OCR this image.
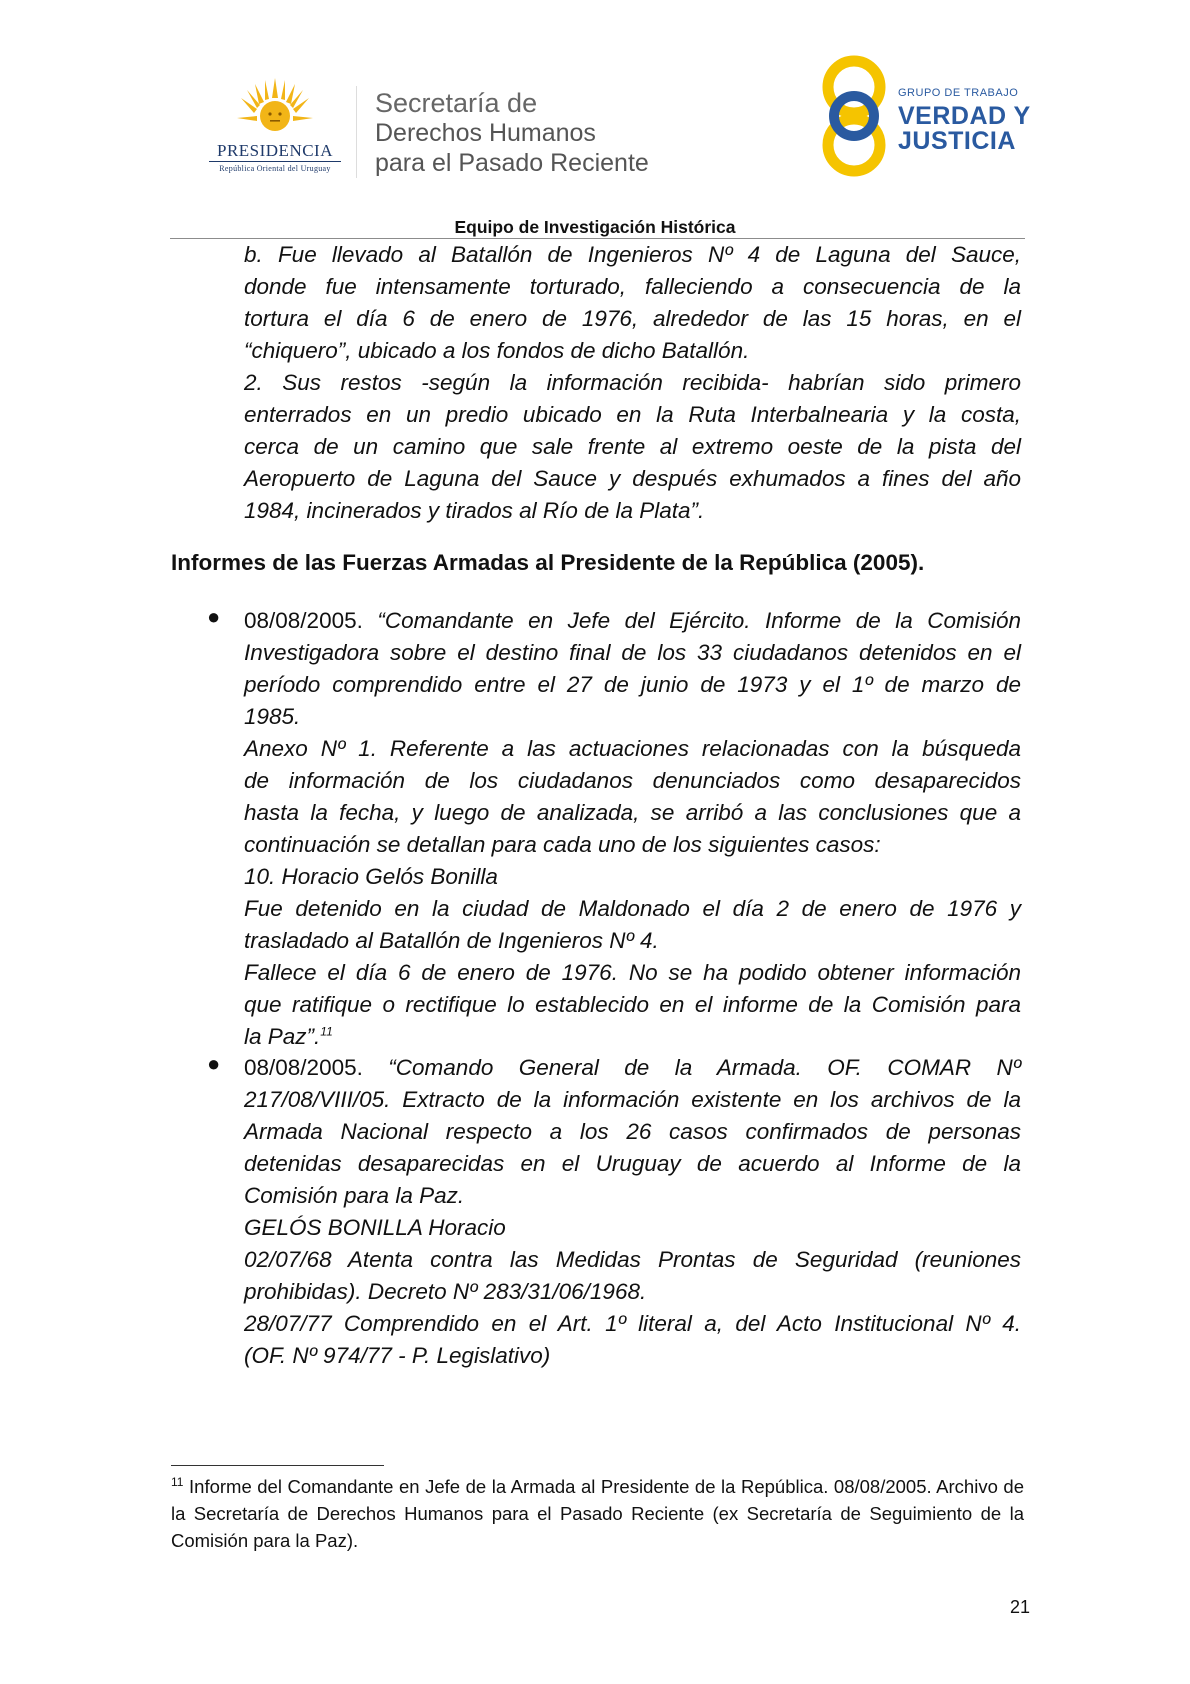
PRESIDENCIA
República Oriental del Uruguay
Secretaría de
Derechos Humanos
para el Pasado Reciente
GRUPO DE TRABAJO
VERDAD Y
JUSTICIA
Equipo de Investigación Histórica
b. Fue llevado al Batallón de Ingenieros Nº 4 de Laguna del Sauce,
donde fue intensamente torturado, falleciendo a consecuencia de la
tortura el día 6 de enero de 1976, alrededor de las 15 horas, en el
“chiquero”, ubicado a los fondos de dicho Batallón.
2. Sus restos -según la información recibida- habrían sido primero
enterrados en un predio ubicado en la Ruta Interbalnearia y la costa,
cerca de un camino que sale frente al extremo oeste de la pista del
Aeropuerto de Laguna del Sauce y después exhumados a fines del año
1984, incinerados y tirados al Río de la Plata”.
Informes de las Fuerzas Armadas al Presidente de la República (2005).
● 08/08/2005. “Comandante en Jefe del Ejército. Informe de la Comisión
Investigadora sobre el destino final de los 33 ciudadanos detenidos en el
período comprendido entre el 27 de junio de 1973 y el 1º de marzo de
1985.
Anexo Nº 1. Referente a las actuaciones relacionadas con la búsqueda
de información de los ciudadanos denunciados como desaparecidos
hasta la fecha, y luego de analizada, se arribó a las conclusiones que a
continuación se detallan para cada uno de los siguientes casos:
10. Horacio Gelós Bonilla
Fue detenido en la ciudad de Maldonado el día 2 de enero de 1976 y
trasladado al Batallón de Ingenieros Nº 4.
Fallece el día 6 de enero de 1976. No se ha podido obtener información
que ratifique o rectifique lo establecido en el informe de la Comisión para
la Paz”.$^{11}$
● 08/08/2005. “Comando General de la Armada. OF. COMAR Nº
217/08/VIII/05. Extracto de la información existente en los archivos de la
Armada Nacional respecto a los 26 casos confirmados de personas
detenidas desaparecidas en el Uruguay de acuerdo al Informe de la
Comisión para la Paz.
GELÓS BONILLA Horacio
02/07/68 Atenta contra las Medidas Prontas de Seguridad (reuniones
prohibidas). Decreto Nº 283/31/06/1968.
28/07/77 Comprendido en el Art. 1º literal a, del Acto Institucional Nº 4.
(OF. Nº 974/77 - P. Legislativo)
$^{11}$ Informe del Comandante en Jefe de la Armada al Presidente de la República. 08/08/2005. Archivo de la Secretaría de Derechos Humanos para el Pasado Reciente (ex Secretaría de Seguimiento de la Comisión para la Paz).
21
